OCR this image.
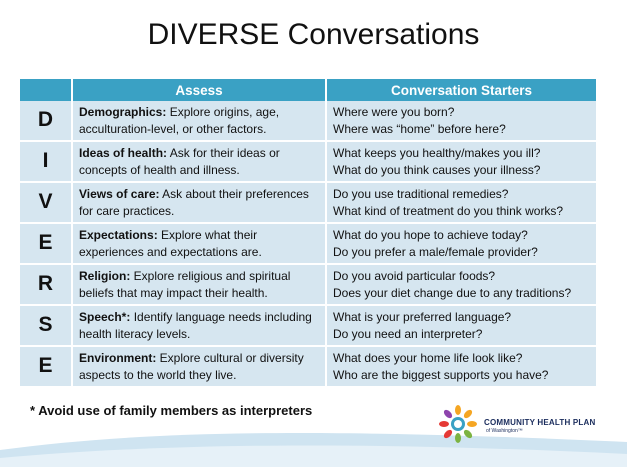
DIVERSE Conversations
	Assess	Conversation Starters
D	Demographics: Explore origins, age, acculturation-level, or other factors.	Where were you born?
Where was “home” before here?

I	Ideas of health: Ask for their ideas or concepts of health and illness.	What keeps you healthy/makes you ill?
What do you think causes your illness?

V	Views of care: Ask about their preferences for care practices.	Do you use traditional remedies?
What kind of treatment do you think works?

E	Expectations: Explore what their experiences and expectations are.	What do you hope to achieve today?
Do you prefer a male/female provider?

R	Religion: Explore religious and spiritual beliefs that may impact their health.	Do you avoid particular foods?
Does your diet change due to any traditions?

S	Speech*: Identify language needs including health literacy levels.	What is your preferred language?
Do you need an interpreter?

E	Environment: Explore cultural or diversity aspects to the world they live.	What does your home life look like?
Who are the biggest supports you have?
* Avoid use of family members as interpreters
COMMUNITY HEALTH PLAN
of Washington™
